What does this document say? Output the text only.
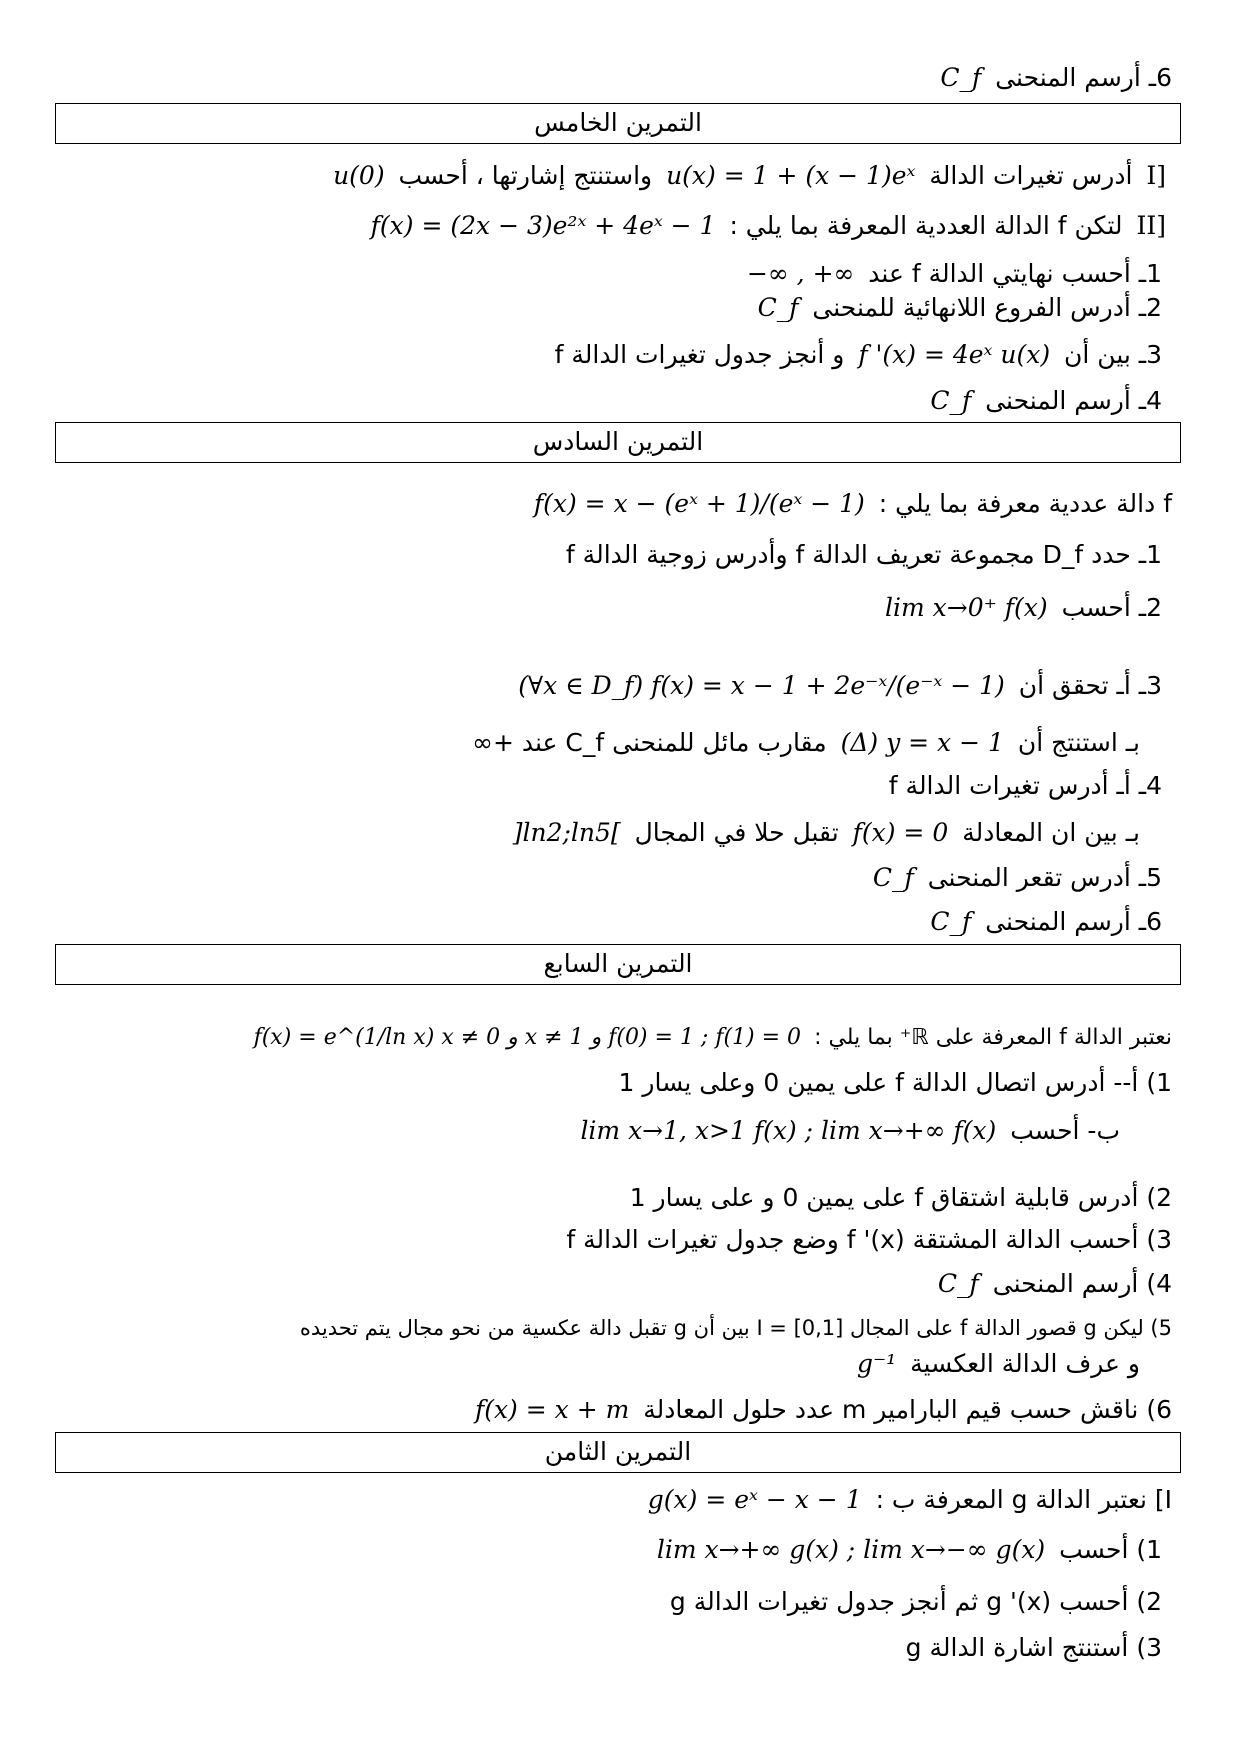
6ـ أرسم المنحنى C_f
التمرين الخامس
I] أدرس تغيرات الدالة u(x) = 1 + (x − 1)eˣ واستنتج إشارتها ، أحسب u(0)
II] لتكن f الدالة العددية المعرفة بما يلي : f(x) = (2x − 3)e²ˣ + 4eˣ − 1
1ـ أحسب نهايتي الدالة f عند −∞ , +∞
2ـ أدرس الفروع اللانهائية للمنحنى C_f
3ـ بين أن f '(x) = 4eˣ u(x) و أنجز جدول تغيرات الدالة f
4ـ أرسم المنحنى C_f
التمرين السادس
f دالة عددية معرفة بما يلي : f(x) = x − (eˣ + 1)/(eˣ − 1)
1ـ حدد D_f مجموعة تعريف الدالة f وأدرس زوجية الدالة f
2ـ أحسب lim x→0⁺ f(x)
3ـ أ‌ـ تحقق أن (∀x ∈ D_f) f(x) = x − 1 + 2e⁻ˣ/(e⁻ˣ − 1)
بـ استنتج أن (Δ) y = x − 1 مقارب مائل للمنحنى C_f عند +∞
4ـ أ‌ـ أدرس تغيرات الدالة f
بـ بين ان المعادلة f(x) = 0 تقبل حلا في المجال ]ln2;ln5[
5ـ أدرس تقعر المنحنى C_f
6ـ أرسم المنحنى C_f
التمرين السابع
نعتبر الدالة f المعرفة على ℝ⁺ بما يلي : f(x) = e^(1/ln x) x ≠ 0 و x ≠ 1 و f(0) = 1 ; f(1) = 0
1) أ-- أدرس اتصال الدالة f على يمين 0 وعلى يسار 1
ب- أحسب lim x→1, x>1 f(x) ; lim x→+∞ f(x)
2) أدرس قابلية اشتقاق f على يمين 0 و على يسار 1
3) أحسب الدالة المشتقة f '(x) وضع جدول تغيرات الدالة f
4) أرسم المنحنى C_f
5) ليكن g قصور الدالة f على المجال I = [0,1] بين أن g تقبل دالة عكسية من نحو مجال يتم تحديده
و عرف الدالة العكسية g⁻¹
6) ناقش حسب قيم البارامير m عدد حلول المعادلة f(x) = x + m
التمرين الثامن
I] نعتبر الدالة g المعرفة ب : g(x) = eˣ − x − 1
1) أحسب lim x→+∞ g(x) ; lim x→−∞ g(x)
2) أحسب g '(x) ثم أنجز جدول تغيرات الدالة g
3) أستنتج اشارة الدالة g
